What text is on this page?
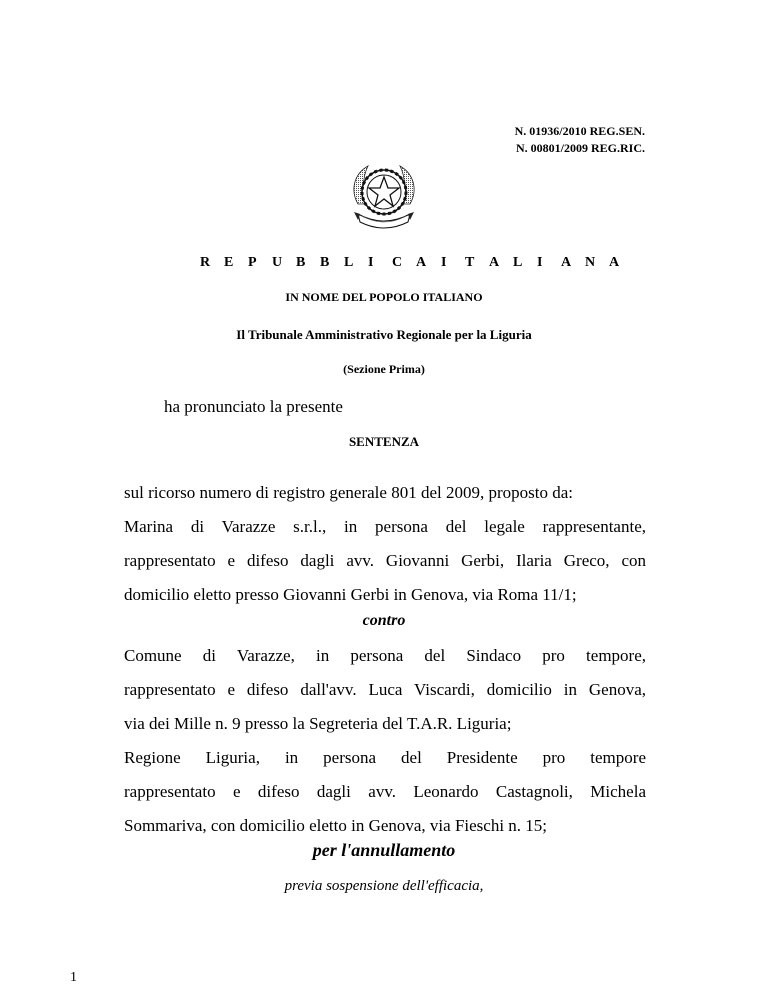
N. 01936/2010 REG.SEN.
N. 00801/2009 REG.RIC.
R E P U B B L I C A	I T A L I A N A
IN NOME DEL POPOLO ITALIANO
Il Tribunale Amministrativo Regionale per la Liguria
(Sezione Prima)
ha pronunciato la presente
SENTENZA
sul ricorso numero di registro generale 801 del 2009, proposto da:
Marina di Varazze s.r.l., in persona del legale rappresentante,
rappresentato e difeso dagli avv. Giovanni Gerbi, Ilaria Greco, con
domicilio eletto presso Giovanni Gerbi in Genova, via Roma 11/1;
contro
Comune di Varazze, in persona del Sindaco pro tempore,
rappresentato e difeso dall'avv. Luca Viscardi, domicilio in Genova,
via dei Mille n. 9 presso la Segreteria del T.A.R. Liguria;
Regione Liguria, in persona del Presidente pro tempore
rappresentato e difeso dagli avv. Leonardo Castagnoli, Michela
Sommariva, con domicilio eletto in Genova, via Fieschi n. 15;
per l'annullamento
previa sospensione dell'efficacia,
1
